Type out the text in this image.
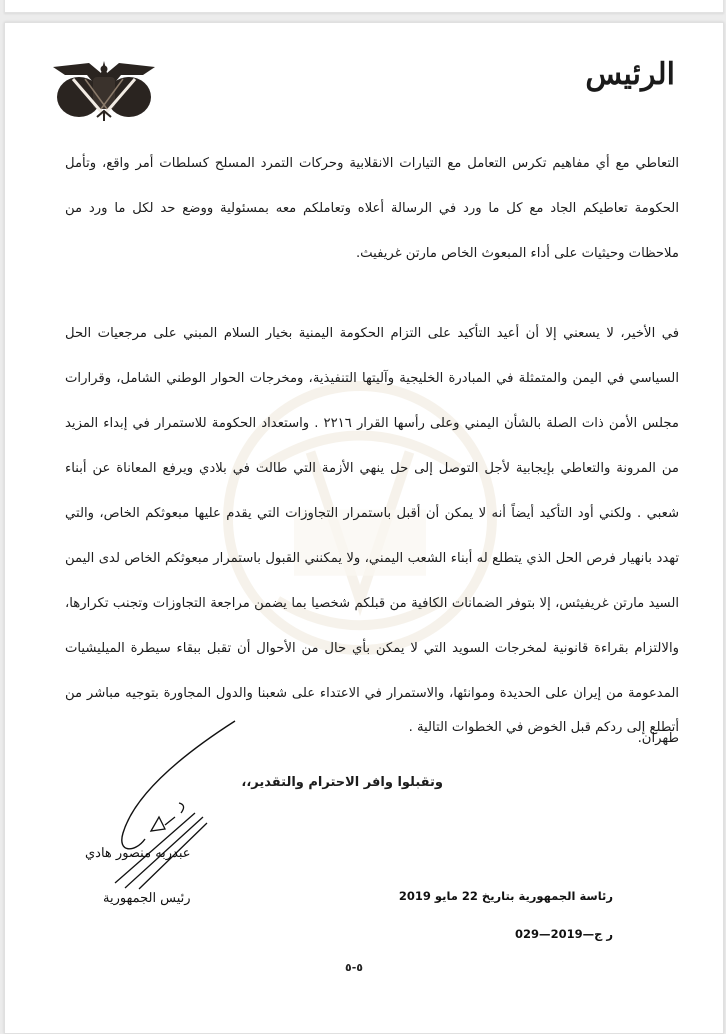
الرئيس
التعاطي مع أي مفاهيم تكرس التعامل مع التيارات الانقلابية وحركات التمرد المسلح كسلطات أمر واقع، وتأمل الحكومة تعاطيكم الجاد مع كل ما ورد في الرسالة أعلاه وتعاملكم معه بمسئولية ووضع حد لكل ما ورد من ملاحظات وحيثيات على أداء المبعوث الخاص مارتن غريفيث.
في الأخير، لا يسعني إلا أن أعيد التأكيد على التزام الحكومة اليمنية بخيار السلام المبني على مرجعيات الحل السياسي في اليمن والمتمثلة في المبادرة الخليجية وآليتها التنفيذية، ومخرجات الحوار الوطني الشامل، وقرارات مجلس الأمن ذات الصلة بالشأن اليمني وعلى رأسها القرار ٢٢١٦ . واستعداد الحكومة للاستمرار في إبداء المزيد من المرونة والتعاطي بإيجابية لأجل التوصل إلى حل ينهي الأزمة التي طالت في بلادي ويرفع المعاناة عن أبناء شعبي . ولكني أود التأكيد أيضاً أنه لا يمكن أن أقبل باستمرار التجاوزات التي يقدم عليها مبعوثكم الخاص، والتي تهدد بانهيار فرص الحل الذي يتطلع له أبناء الشعب اليمني، ولا يمكنني القبول باستمرار مبعوثكم الخاص لدى اليمن السيد مارتن غريفيثس، إلا بتوفر الضمانات الكافية من قبلكم شخصيا بما يضمن مراجعة التجاوزات وتجنب تكرارها، والالتزام بقراءة قانونية لمخرجات السويد التي لا يمكن بأي حال من الأحوال أن تقبل ببقاء سيطرة الميليشيات المدعومة من إيران على الحديدة وموانئها، والاستمرار في الاعتداء على شعبنا والدول المجاورة بتوجيه مباشر من طهران.
أتطلع إلى ردكم قبل الخوض في الخطوات التالية .
وتقبلوا وافر الاحترام والتقدير،،
عبدربه منصور هادي
رئيس الجمهورية	رئاسة الجمهورية بتاريخ 22 مايو 2019
029—ر ج—2019
٥-٥
